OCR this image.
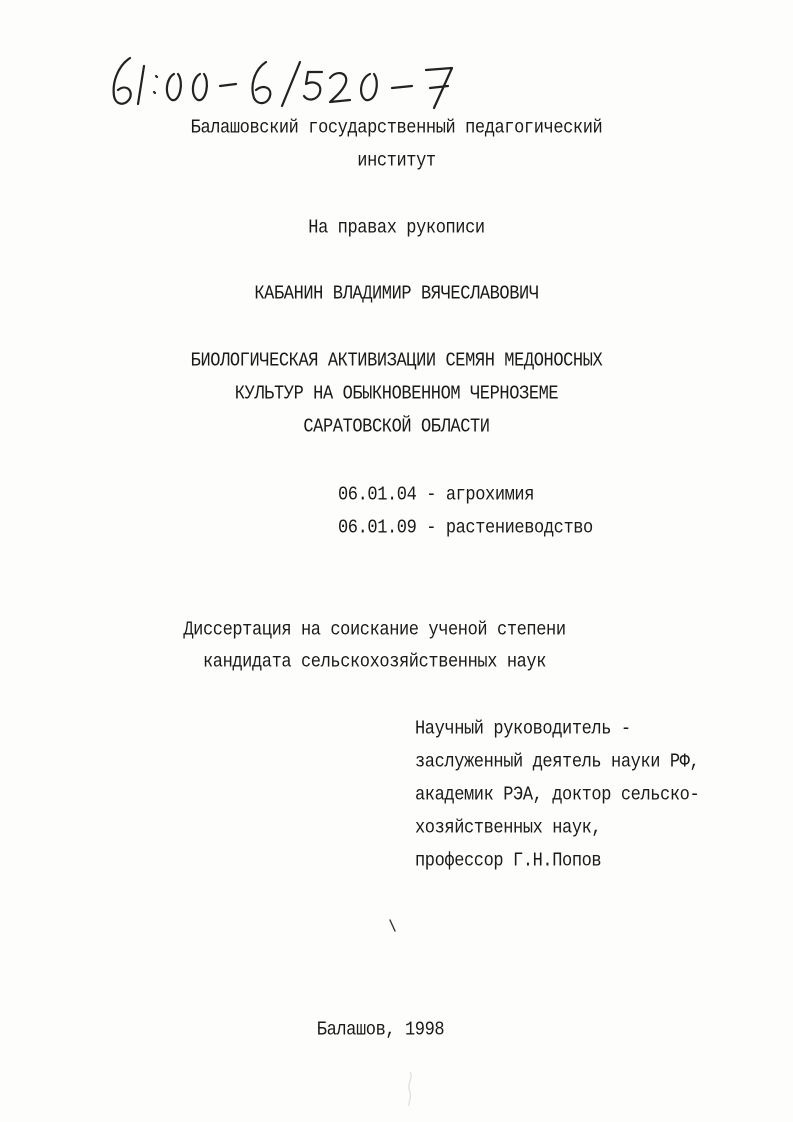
Балашовский государственный педагогический
институт
На правах рукописи
КАБАНИН ВЛАДИМИР ВЯЧЕСЛАВОВИЧ
БИОЛОГИЧЕСКАЯ АКТИВИЗАЦИИ СЕМЯН МЕДОНОСНЫХ
КУЛЬТУР НА ОБЫКНОВЕННОМ ЧЕРНОЗЕМЕ
САРАТОВСКОЙ ОБЛАСТИ
06.01.04 - агрохимия
06.01.09 - растениеводство
Диссертация на соискание ученой степени
кандидата сельскохозяйственных наук
Научный руководитель -
заслуженный деятель науки РФ,
академик РЭА, доктор сельско-
хозяйственных наук,
профессор Г.Н.Попов
Балашов, 1998
